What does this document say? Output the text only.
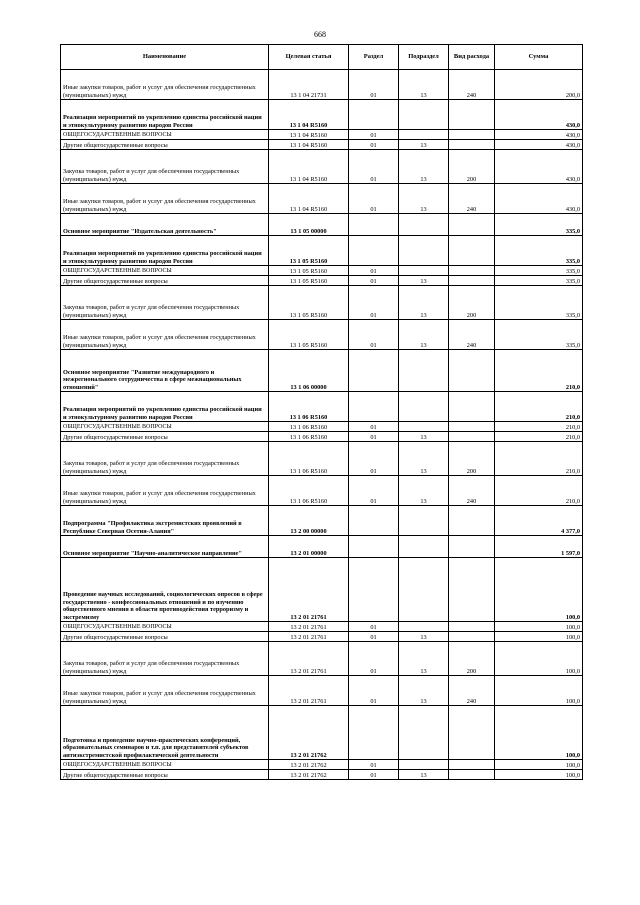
668
Наименование	Целевая статья	Раздел	Подраздел	Вид расхода	Сумма
Иные закупки товаров, работ и услуг для обеспечения государственных (муниципальных) нужд	13 1 04 21731	01	13	240	200,0
Реализация мероприятий по укреплению единства российской нации и этнокультурному развитию народов России	13 1 04 R5160				430,0
ОБЩЕГОСУДАРСТВЕННЫЕ ВОПРОСЫ	13 1 04 R5160	01			430,0
Другие общегосударственные вопросы	13 1 04 R5160	01	13		430,0
Закупка товаров, работ и услуг для обеспечения государственных (муниципальных) нужд	13 1 04 R5160	01	13	200	430,0
Иные закупки товаров, работ и услуг для обеспечения государственных (муниципальных) нужд	13 1 04 R5160	01	13	240	430,0
Основное мероприятие "Издательская деятельность"	13 1 05 00000				335,0
Реализация мероприятий по укреплению единства российской нации и этнокультурному развитию народов России	13 1 05 R5160				335,0
ОБЩЕГОСУДАРСТВЕННЫЕ ВОПРОСЫ	13 1 05 R5160	01			335,0
Другие общегосударственные вопросы	13 1 05 R5160	01	13		335,0
Закупка товаров, работ и услуг для обеспечения государственных (муниципальных) нужд	13 1 05 R5160	01	13	200	335,0
Иные закупки товаров, работ и услуг для обеспечения государственных (муниципальных) нужд	13 1 05 R5160	01	13	240	335,0
Основное мероприятие "Развитие международного и межрегионального сотрудничества в сфере межнациональных отношений"	13 1 06 00000				210,0
Реализация мероприятий по укреплению единства российской нации и этнокультурному развитию народов России	13 1 06 R5160				210,0
ОБЩЕГОСУДАРСТВЕННЫЕ ВОПРОСЫ	13 1 06 R5160	01			210,0
Другие общегосударственные вопросы	13 1 06 R5160	01	13		210,0
Закупка товаров, работ и услуг для обеспечения государственных (муниципальных) нужд	13 1 06 R5160	01	13	200	210,0
Иные закупки товаров, работ и услуг для обеспечения государственных (муниципальных) нужд	13 1 06 R5160	01	13	240	210,0
Подпрограмма "Профилактика экстремистских проявлений в Республике Северная Осетия-Алания"	13 2 00 00000				4 377,0
Основное мероприятие "Научно-аналитическое направление"	13 2 01 00000				1 597,0
Проведение научных исследований, социологических опросов в сфере государственно - конфессиональных отношений и по изучению общественного мнения в области противодействия терроризму и экстремизму	13 2 01 21761				100,0
ОБЩЕГОСУДАРСТВЕННЫЕ ВОПРОСЫ	13 2 01 21761	01			100,0
Другие общегосударственные вопросы	13 2 01 21761	01	13		100,0
Закупка товаров, работ и услуг для обеспечения государственных (муниципальных) нужд	13 2 01 21761	01	13	200	100,0
Иные закупки товаров, работ и услуг для обеспечения государственных (муниципальных) нужд	13 2 01 21761	01	13	240	100,0
Подготовка и проведение научно-практических конференций, образовательных семинаров и т.п. для представителей субъектов антиэкстремистской профилактической деятельности	13 2 01 21762				100,0
ОБЩЕГОСУДАРСТВЕННЫЕ ВОПРОСЫ	13 2 01 21762	01			100,0
Другие общегосударственные вопросы	13 2 01 21762	01	13		100,0
